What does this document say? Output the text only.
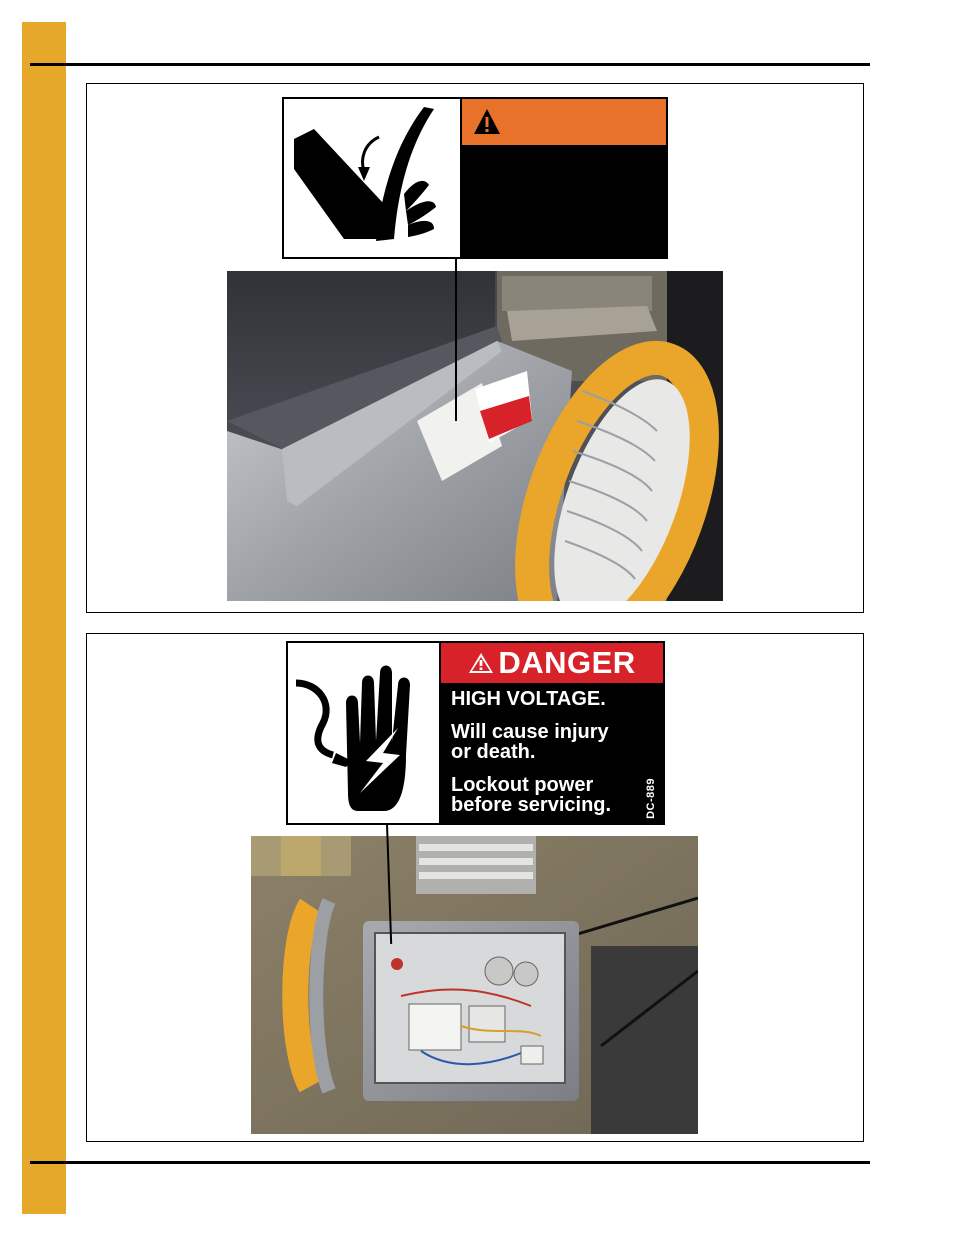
DANGER
HIGH VOLTAGE.
Will cause injury
or death.
Lockout power
before servicing.	DC-889
